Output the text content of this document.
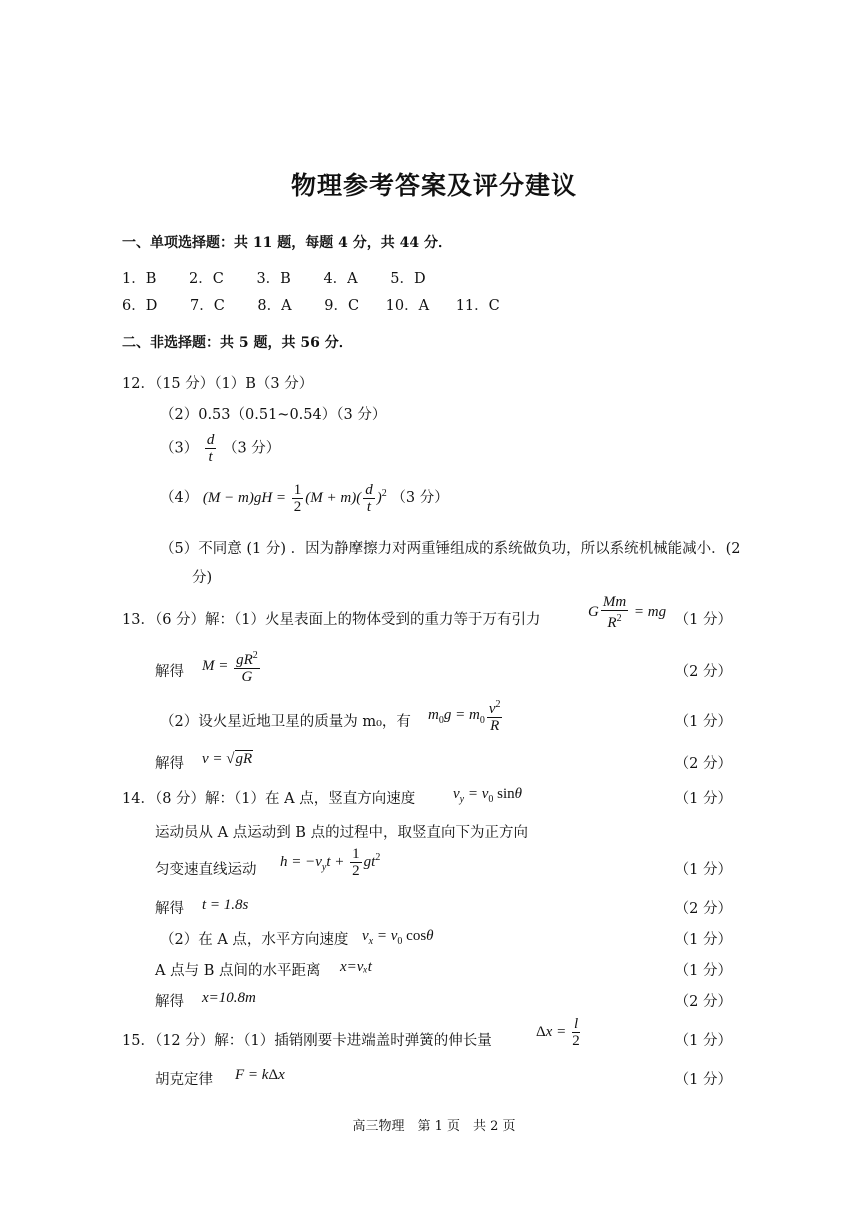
物理参考答案及评分建议
一、单项选择题：共 11 题，每题 4 分，共 44 分．
1．B 2．C 3．B 4．A 5．D
6．D 7．C 8．A 9．C 10．A 11．C
二、非选择题：共 5 题，共 56 分．
12．（15 分）（1）B（3 分）
（2）0.53（0.51~0.54）（3 分）
$(3) \frac{d}{t} (3$ 分）
（4） $(M - m)gH = \frac{1}{2} (M + m)( \frac{d}{t} )^2$ （3 分）
（5）不同意 (1 分) ．因为静摩擦力对两重锤组成的系统做负功，所以系统机械能减小．(2
分)
13．（6 分）解：（1）火星表面上的物体受到的重力等于万有引力
G $\frac{Mm}{R^2}$ = mg
（1 分）
解得 $M = \frac{gR^2}{G}$	（2 分）
（2）设火星近地卫星的质量为 m₀，有 $m_0g = m_0 \frac{v^2}{R}$	（1 分）
解得 v = √gR	（2 分）
14．（8 分）解：（1）在 A 点，竖直方向速度	$v_y = v_0$ sinθ	（1 分）
运动员从 A 点运动到 B 点的过程中，取竖直向下为正方向
匀变速直线运动
$h = -v_yt + \frac{1}{2} gt^2$
（1 分）
解得 t = 1.8s	（2 分）
（2）在 A 点，水平方向速度 $v_x = v_0$ cosθ	（1 分）
A 点与 B 点间的水平距离 x=vₓt	（1 分）
解得 x=10.8m	（2 分）
15．（12 分）解：（1）插销刚要卡进端盖时弹簧的伸长量
$\Delta x = \frac{l}{2}$	（1 分）
胡克定律 F = kΔx	（1 分）
高三物理　第 1 页　共 2 页
